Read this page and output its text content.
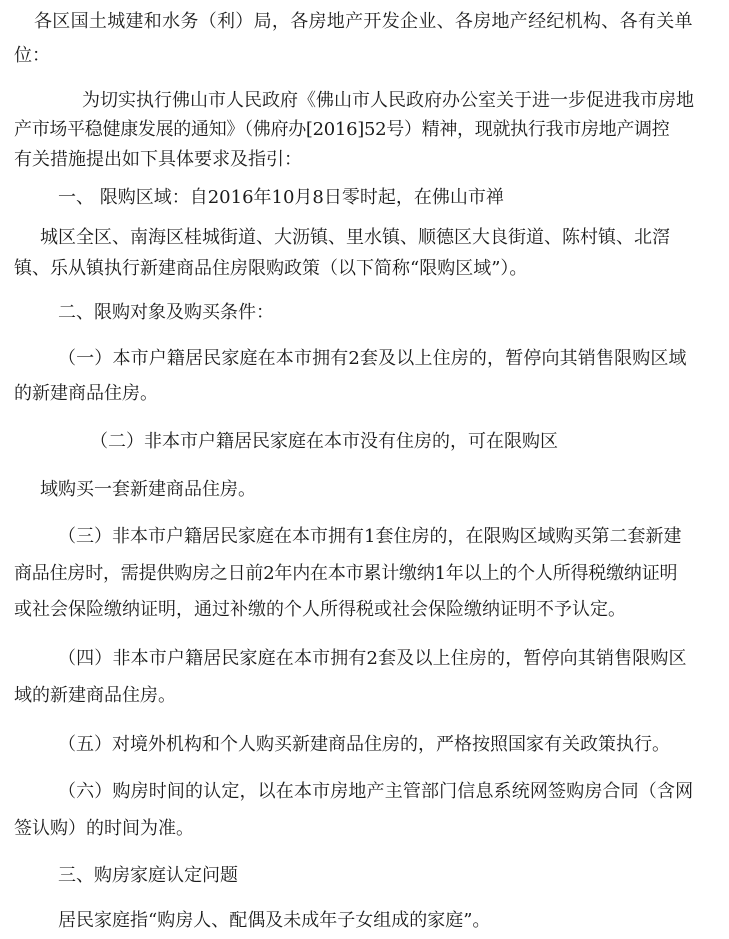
各区国土城建和水务（利）局，各房地产开发企业、各房地产经纪机构、各有关单

位：

为切实执行佛山市人民政府《佛山市人民政府办公室关于进一步促进我市房地

产市场平稳健康发展的通知》（佛府办[2016]52号）精神，现就执行我市房地产调控

有关措施提出如下具体要求及指引：

一、 限购区域：自2016年10月8日零时起，在佛山市禅

城区全区、南海区桂城街道、大沥镇、里水镇、顺德区大良街道、陈村镇、北滘

镇、乐从镇执行新建商品住房限购政策（以下简称“限购区域”）。

二、限购对象及购买条件：

（一）本市户籍居民家庭在本市拥有2套及以上住房的，暂停向其销售限购区域

的新建商品住房。

（二）非本市户籍居民家庭在本市没有住房的，可在限购区

域购买一套新建商品住房。

（三）非本市户籍居民家庭在本市拥有1套住房的，在限购区域购买第二套新建

商品住房时，需提供购房之日前2年内在本市累计缴纳1年以上的个人所得税缴纳证明

或社会保险缴纳证明，通过补缴的个人所得税或社会保险缴纳证明不予认定。

（四）非本市户籍居民家庭在本市拥有2套及以上住房的，暂停向其销售限购区

域的新建商品住房。

（五）对境外机构和个人购买新建商品住房的，严格按照国家有关政策执行。

（六）购房时间的认定，以在本市房地产主管部门信息系统网签购房合同（含网

签认购）的时间为准。

三、购房家庭认定问题

居民家庭指“购房人、配偶及未成年子女组成的家庭”。
